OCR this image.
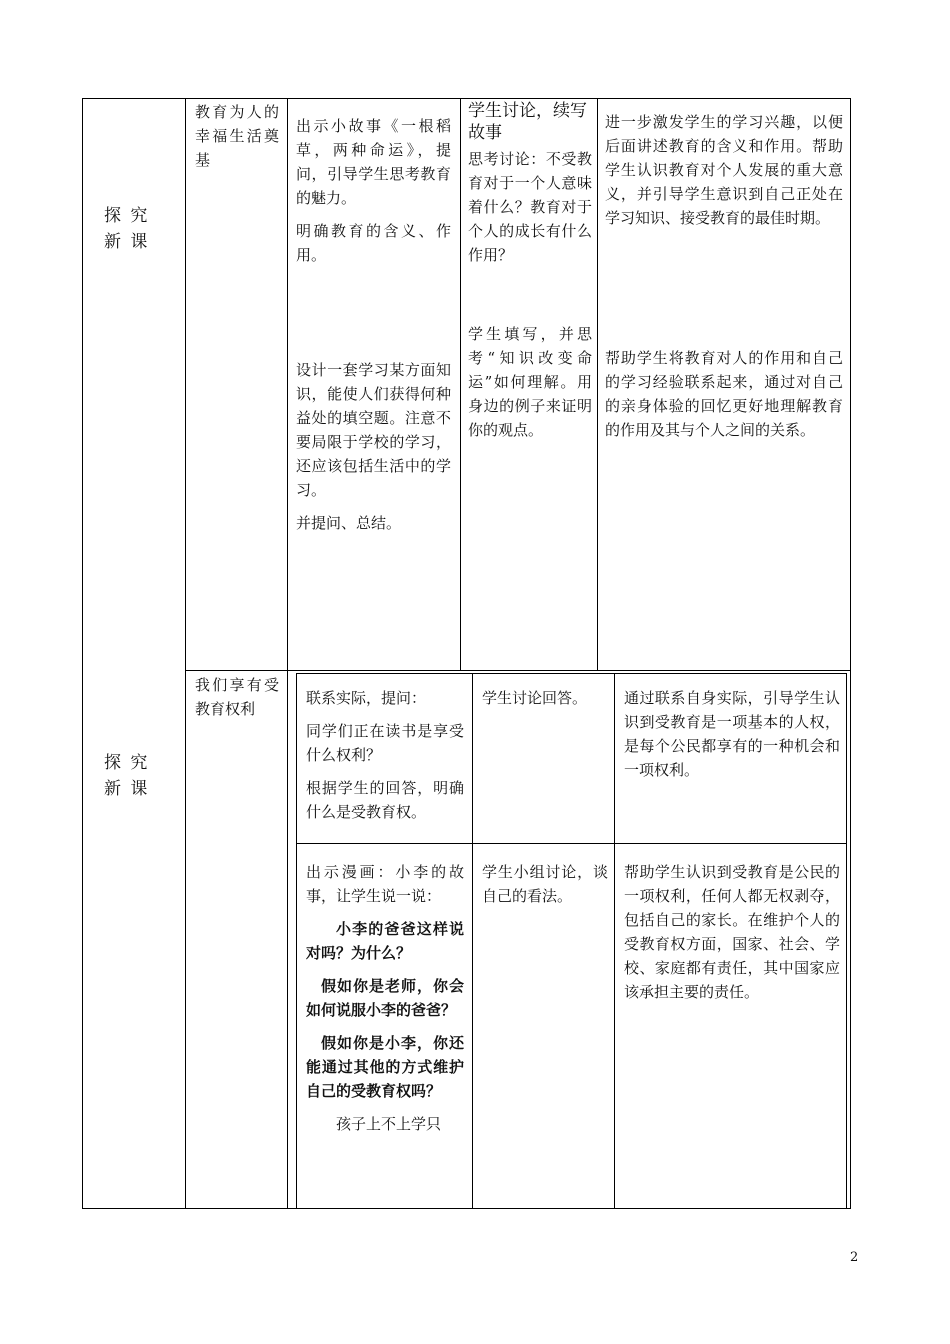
探 究
新 课
教育为人的幸福生活奠基

出示小故事《一根稻草，两种命运》，提问，引导学生思考教育的魅力。

明确教育的含义、作用。

设计一套学习某方面知识，能使人们获得何种益处的填空题。注意不要局限于学校的学习，还应该包括生活中的学习。

并提问、总结。

学生讨论，续写故事
思考讨论：不受教育对于一个人意味着什么？教育对于个人的成长有什么作用？
学生填写，并思考“知识改变命运”如何理解。用身边的例子来证明你的观点。
进一步激发学生的学习兴趣，以便后面讲述教育的含义和作用。帮助学生认识教育对个人发展的重大意义，并引导学生意识到自己正处在学习知识、接受教育的最佳时期。
帮助学生将教育对人的作用和自己的学习经验联系起来，通过对自己的亲身体验的回忆更好地理解教育的作用及其与个人之间的关系。
探 究
新 课
我们享有受教育权利

联系实际，提问：

同学们正在读书是享受什么权利？

根据学生的回答，明确什么是受教育权。

学生讨论回答。	通过联系自身实际，引导学生认识到受教育是一项基本的人权，是每个公民都享有的一种机会和一项权利。

出示漫画：小李的故事，让学生说一说：

小李的爸爸这样说对吗？为什么？

假如你是老师，你会如何说服小李的爸爸？

假如你是小李，你还能通过其他的方式维护自己的受教育权吗？

孩子上不上学只

学生小组讨论，谈自己的看法。
帮助学生认识到受教育是公民的一项权利，任何人都无权剥夺，包括自己的家长。在维护个人的受教育权方面，国家、社会、学校、家庭都有责任，其中国家应该承担主要的责任。
2
